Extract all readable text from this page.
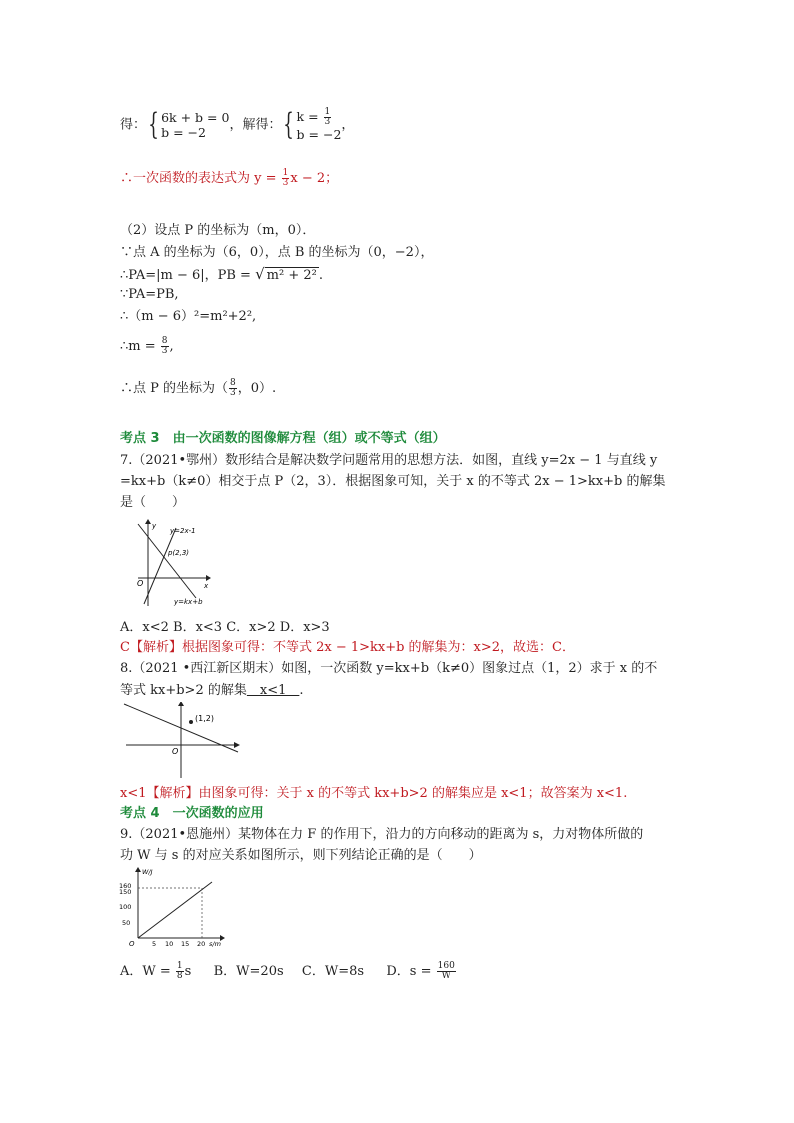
得：{ 6k + b = 0
b = −2 ，解得：{ $k = \frac{1}{3}$

b = −2，
∴一次函数的表达式为 $y = \frac{1}{3}$ x − 2；
（2）设点 P 的坐标为（m，0）．
∵点 A 的坐标为（6，0），点 B 的坐标为（0，−2），
∴PA=|m − 6|，PB = √ m² + 2² .
∵PA=PB,
∴（m − 6）²=m²+2²,
∴m = $\frac{8}{3}$ ,
∴点 P 的坐标为（ $\frac{8}{3}$ ，0）.
考点 3　由一次函数的图像解方程（组）或不等式（组）
7.（2021•鄂州）数形结合是解决数学问题常用的思想方法．如图，直线 y=2x − 1 与直线 y
=kx+b（k≠0）相交于点 P（2，3）．根据图象可知，关于 x 的不等式 2x − 1>kx+b 的解集
是（　　）
y=2x-1
p(2,3)
y=kx+b
y
x
O
A．x<2 B．x<3 C．x>2 D．x>3
C【解析】根据图象可得：不等式 2x − 1>kx+b 的解集为：x>2，故选：C．
8.（2021 •西江新区期末）如图，一次函数 y=kx+b（k≠0）图象过点（1，2）求于 x 的不
等式 kx+b>2 的解集　x<1　.
(1,2)
O
x<1【解析】由图象可得：关于 x 的不等式 kx+b>2 的解集应是 x<1；故答案为 x<1.
考点 4　一次函数的应用
9.（2021•恩施州）某物体在力 F 的作用下，沿力的方向移动的距离为 s，力对物体所做的
功 W 与 s 的对应关系如图所示，则下列结论正确的是（　　）
50
100
150
160
5 10 15 20
W/J
s/m
O
A．$W = \frac{1}{8}$ s B．W=20s C．W=8s D．$s = \frac{160}{W}$
